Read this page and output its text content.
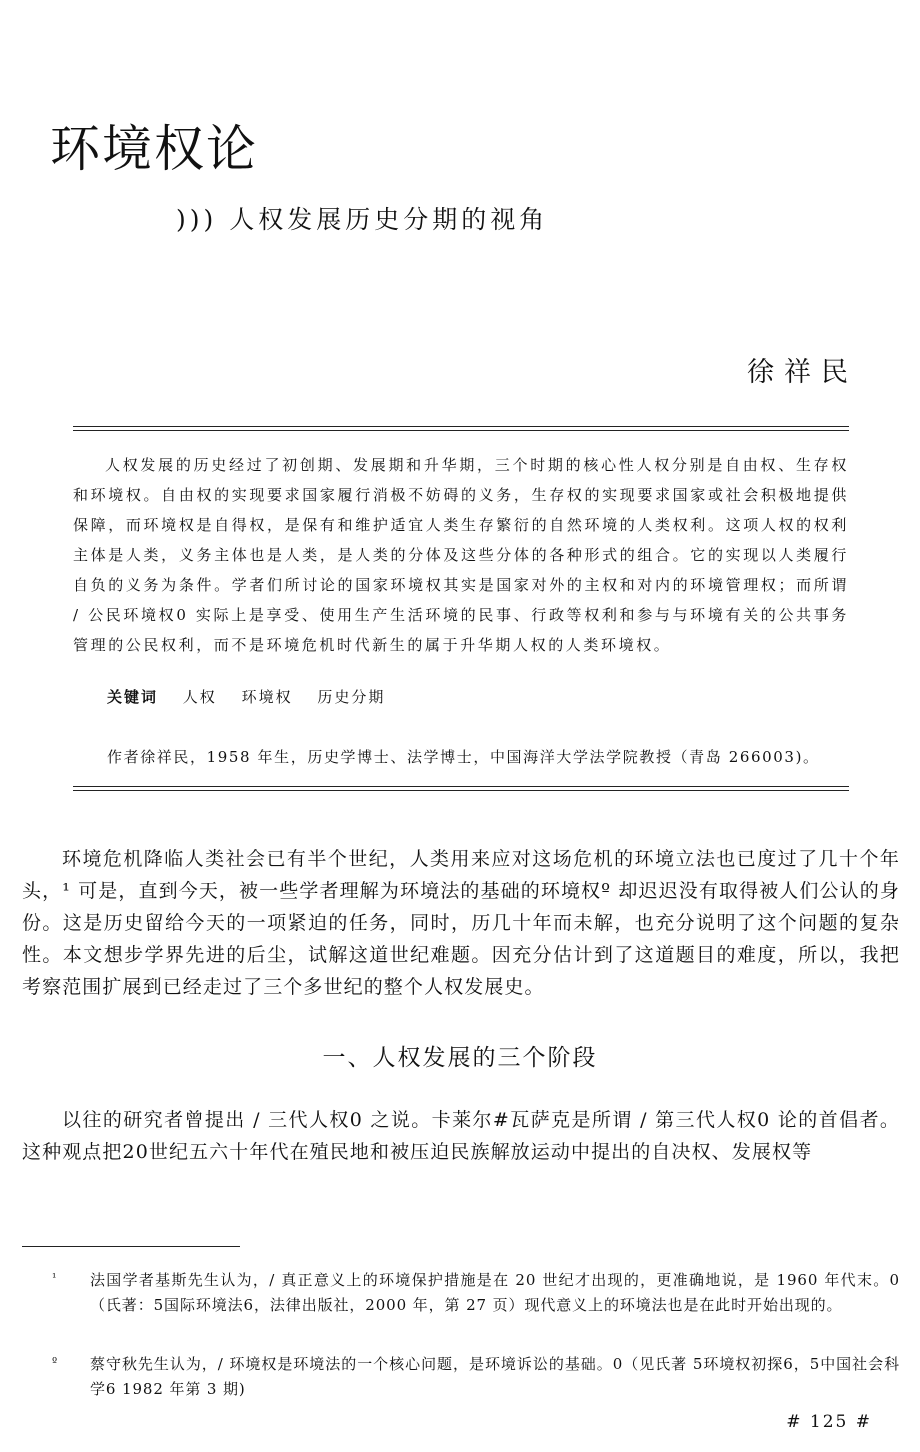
环境权论
))) 人权发展历史分期的视角
徐祥民

人权发展的历史经过了初创期、发展期和升华期，三个时期的核心性人权分别是自由权、生存权和环境权。自由权的实现要求国家履行消极不妨碍的义务，生存权的实现要求国家或社会积极地提供保障，而环境权是自得权，是保有和维护适宜人类生存繁衍的自然环境的人类权利。这项人权的权利主体是人类，义务主体也是人类，是人类的分体及这些分体的各种形式的组合。它的实现以人类履行自负的义务为条件。学者们所讨论的国家环境权其实是国家对外的主权和对内的环境管理权；而所谓 / 公民环境权0 实际上是享受、使用生产生活环境的民事、行政等权利和参与与环境有关的公共事务管理的公民权利，而不是环境危机时代新生的属于升华期人权的人类环境权。

关键词 人权 环境权 历史分期
作者徐祥民，1958 年生，历史学博士、法学博士，中国海洋大学法学院教授（青岛 266003)。

环境危机降临人类社会已有半个世纪，人类用来应对这场危机的环境立法也已度过了几十个年头，¹ 可是，直到今天，被一些学者理解为环境法的基础的环境权º 却迟迟没有取得被人们公认的身份。这是历史留给今天的一项紧迫的任务，同时，历几十年而未解，也充分说明了这个问题的复杂性。本文想步学界先进的后尘，试解这道世纪难题。因充分估计到了这道题目的难度，所以，我把考察范围扩展到已经走过了三个多世纪的整个人权发展史。

一、人权发展的三个阶段

以往的研究者曾提出 / 三代人权0 之说。卡莱尔#瓦萨克是所谓 / 第三代人权0 论的首倡者。这种观点把20世纪五六十年代在殖民地和被压迫民族解放运动中提出的自决权、发展权等

¹ 法国学者基斯先生认为，/ 真正意义上的环境保护措施是在 20 世纪才出现的，更准确地说，是 1960 年代末。0（氏著：5国际环境法6，法律出版社，2000 年，第 27 页）现代意义上的环境法也是在此时开始出现的。
º 蔡守秋先生认为，/ 环境权是环境法的一个核心问题，是环境诉讼的基础。0（见氏著 5环境权初探6，5中国社会科学6 1982 年第 3 期)
# 125 #
